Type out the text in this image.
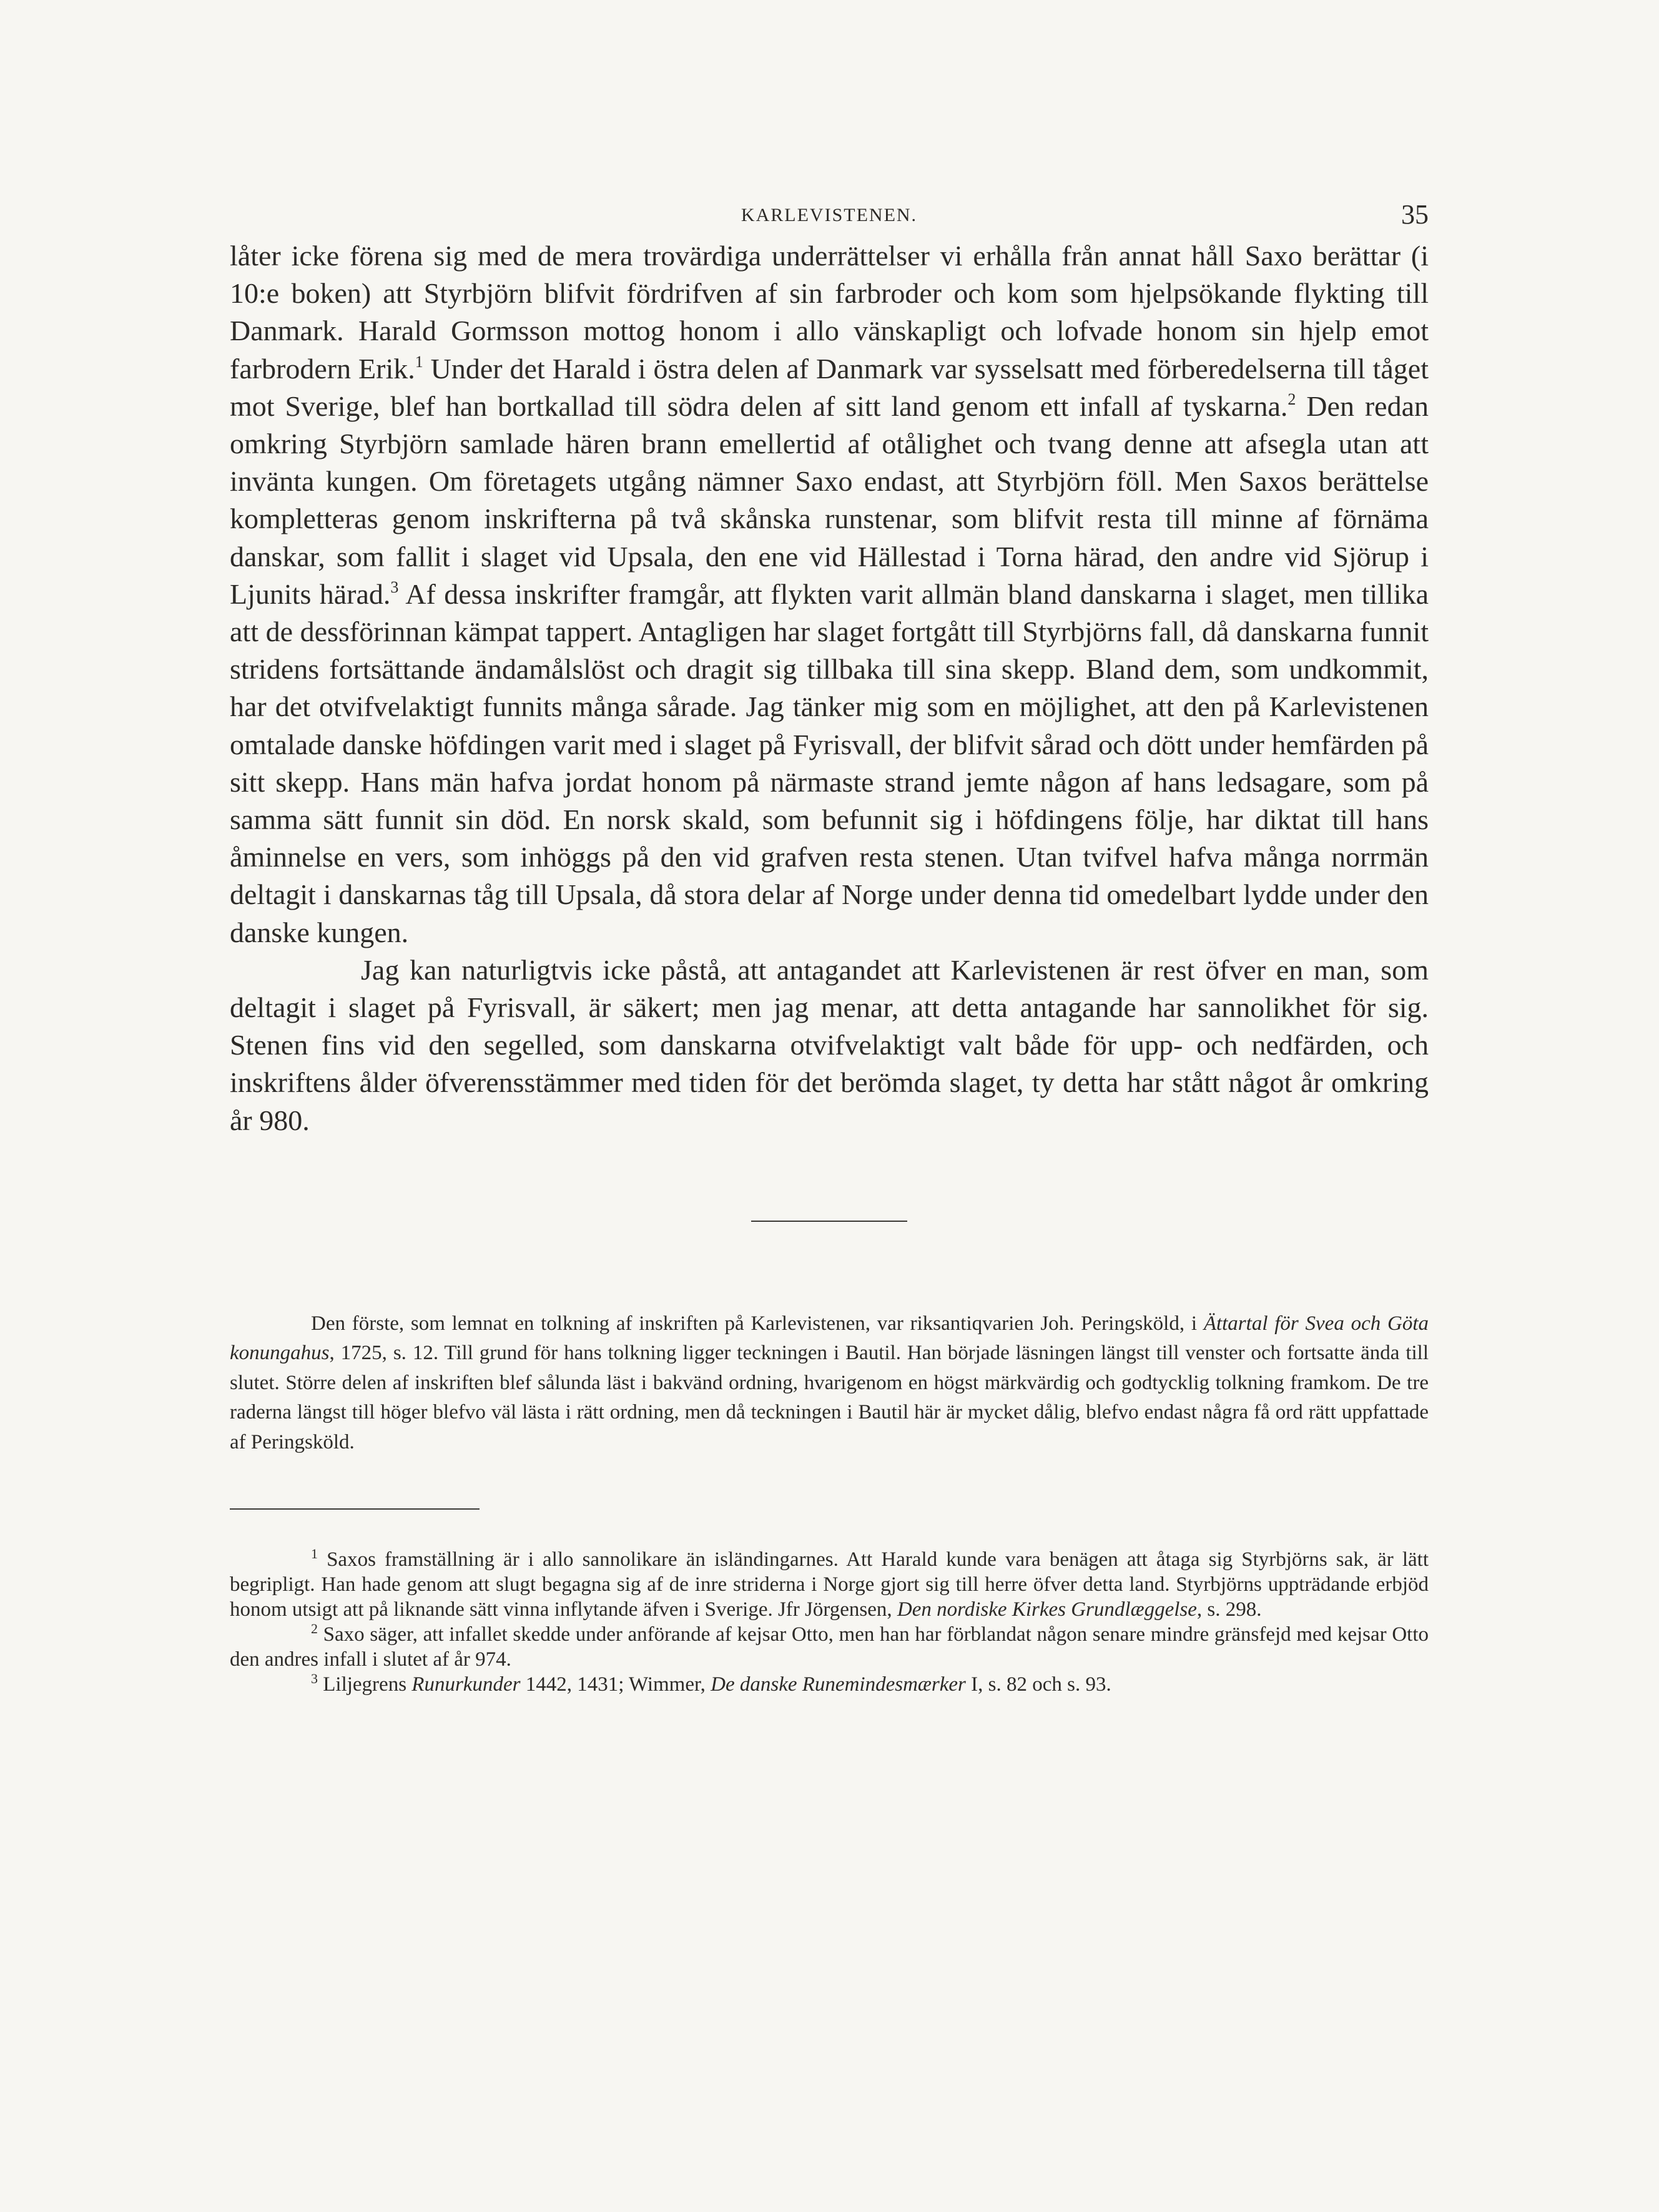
KARLEVISTENEN.	35

låter icke förena sig med de mera trovärdiga underrättelser vi erhålla från annat håll Saxo berättar (i 10:e boken) att Styrbjörn blifvit fördrifven af sin farbroder och kom som hjelpsökande flykting till Danmark. Harald Gormsson mottog honom i allo vänskapligt och lofvade honom sin hjelp emot farbrodern Erik.$^1$ Under det Harald i östra delen af Danmark var sysselsatt med förberedelserna till tåget mot Sverige, blef han bortkallad till södra delen af sitt land genom ett infall af tyskarna.$^2$ Den redan omkring Styrbjörn samlade hären brann emellertid af otålighet och tvang denne att afsegla utan att invänta kungen. Om företagets utgång nämner Saxo endast, att Styrbjörn föll. Men Saxos berättelse kompletteras genom inskrifterna på två skånska runstenar, som blifvit resta till minne af förnäma danskar, som fallit i slaget vid Upsala, den ene vid Hällestad i Torna härad, den andre vid Sjörup i Ljunits härad.$^3$ Af dessa inskrifter framgår, att flykten varit allmän bland danskarna i slaget, men tillika att de dessförinnan kämpat tappert. Antagligen har slaget fortgått till Styrbjörns fall, då danskarna funnit stridens fortsättande ändamålslöst och dragit sig tillbaka till sina skepp. Bland dem, som undkommit, har det otvifvelaktigt funnits många sårade. Jag tänker mig som en möjlighet, att den på Karlevistenen omtalade danske höfdingen varit med i slaget på Fyrisvall, der blifvit sårad och dött under hemfärden på sitt skepp. Hans män hafva jordat honom på närmaste strand jemte någon af hans ledsagare, som på samma sätt funnit sin död. En norsk skald, som befunnit sig i höfdingens följe, har diktat till hans åminnelse en vers, som inhöggs på den vid grafven resta stenen. Utan tvifvel hafva många norrmän deltagit i danskarnas tåg till Upsala, då stora delar af Norge under denna tid omedelbart lydde under den danske kungen.

Jag kan naturligtvis icke påstå, att antagandet att Karlevistenen är rest öfver en man, som deltagit i slaget på Fyrisvall, är säkert; men jag menar, att detta antagande har sannolikhet för sig. Stenen fins vid den segelled, som danskarna otvifvelaktigt valt både för upp- och nedfärden, och inskriftens ålder öfverensstämmer med tiden för det berömda slaget, ty detta har stått något år omkring år 980.

Den förste, som lemnat en tolkning af inskriften på Karlevistenen, var riksantiqvarien Joh. Peringsköld, i Ättartal för Svea och Göta konungahus, 1725, s. 12. Till grund för hans tolkning ligger teckningen i Bautil. Han började läsningen längst till venster och fortsatte ända till slutet. Större delen af inskriften blef sålunda läst i bakvänd ordning, hvarigenom en högst märkvärdig och godtycklig tolkning framkom. De tre raderna längst till höger blefvo väl lästa i rätt ordning, men då teckningen i Bautil här är mycket dålig, blefvo endast några få ord rätt uppfattade af Peringsköld.

$^1$ Saxos framställning är i allo sannolikare än isländingarnes. Att Harald kunde vara benägen att åtaga sig Styrbjörns sak, är lätt begripligt. Han hade genom att slugt begagna sig af de inre striderna i Norge gjort sig till herre öfver detta land. Styrbjörns uppträdande erbjöd honom utsigt att på liknande sätt vinna inflytande äfven i Sverige. Jfr Jörgensen, Den nordiske Kirkes Grundlæggelse, s. 298.

$^2$ Saxo säger, att infallet skedde under anförande af kejsar Otto, men han har förblandat någon senare mindre gränsfejd med kejsar Otto den andres infall i slutet af år 974.

$^3$ Liljegrens Runurkunder 1442, 1431; Wimmer, De danske Runemindesmærker I, s. 82 och s. 93.
